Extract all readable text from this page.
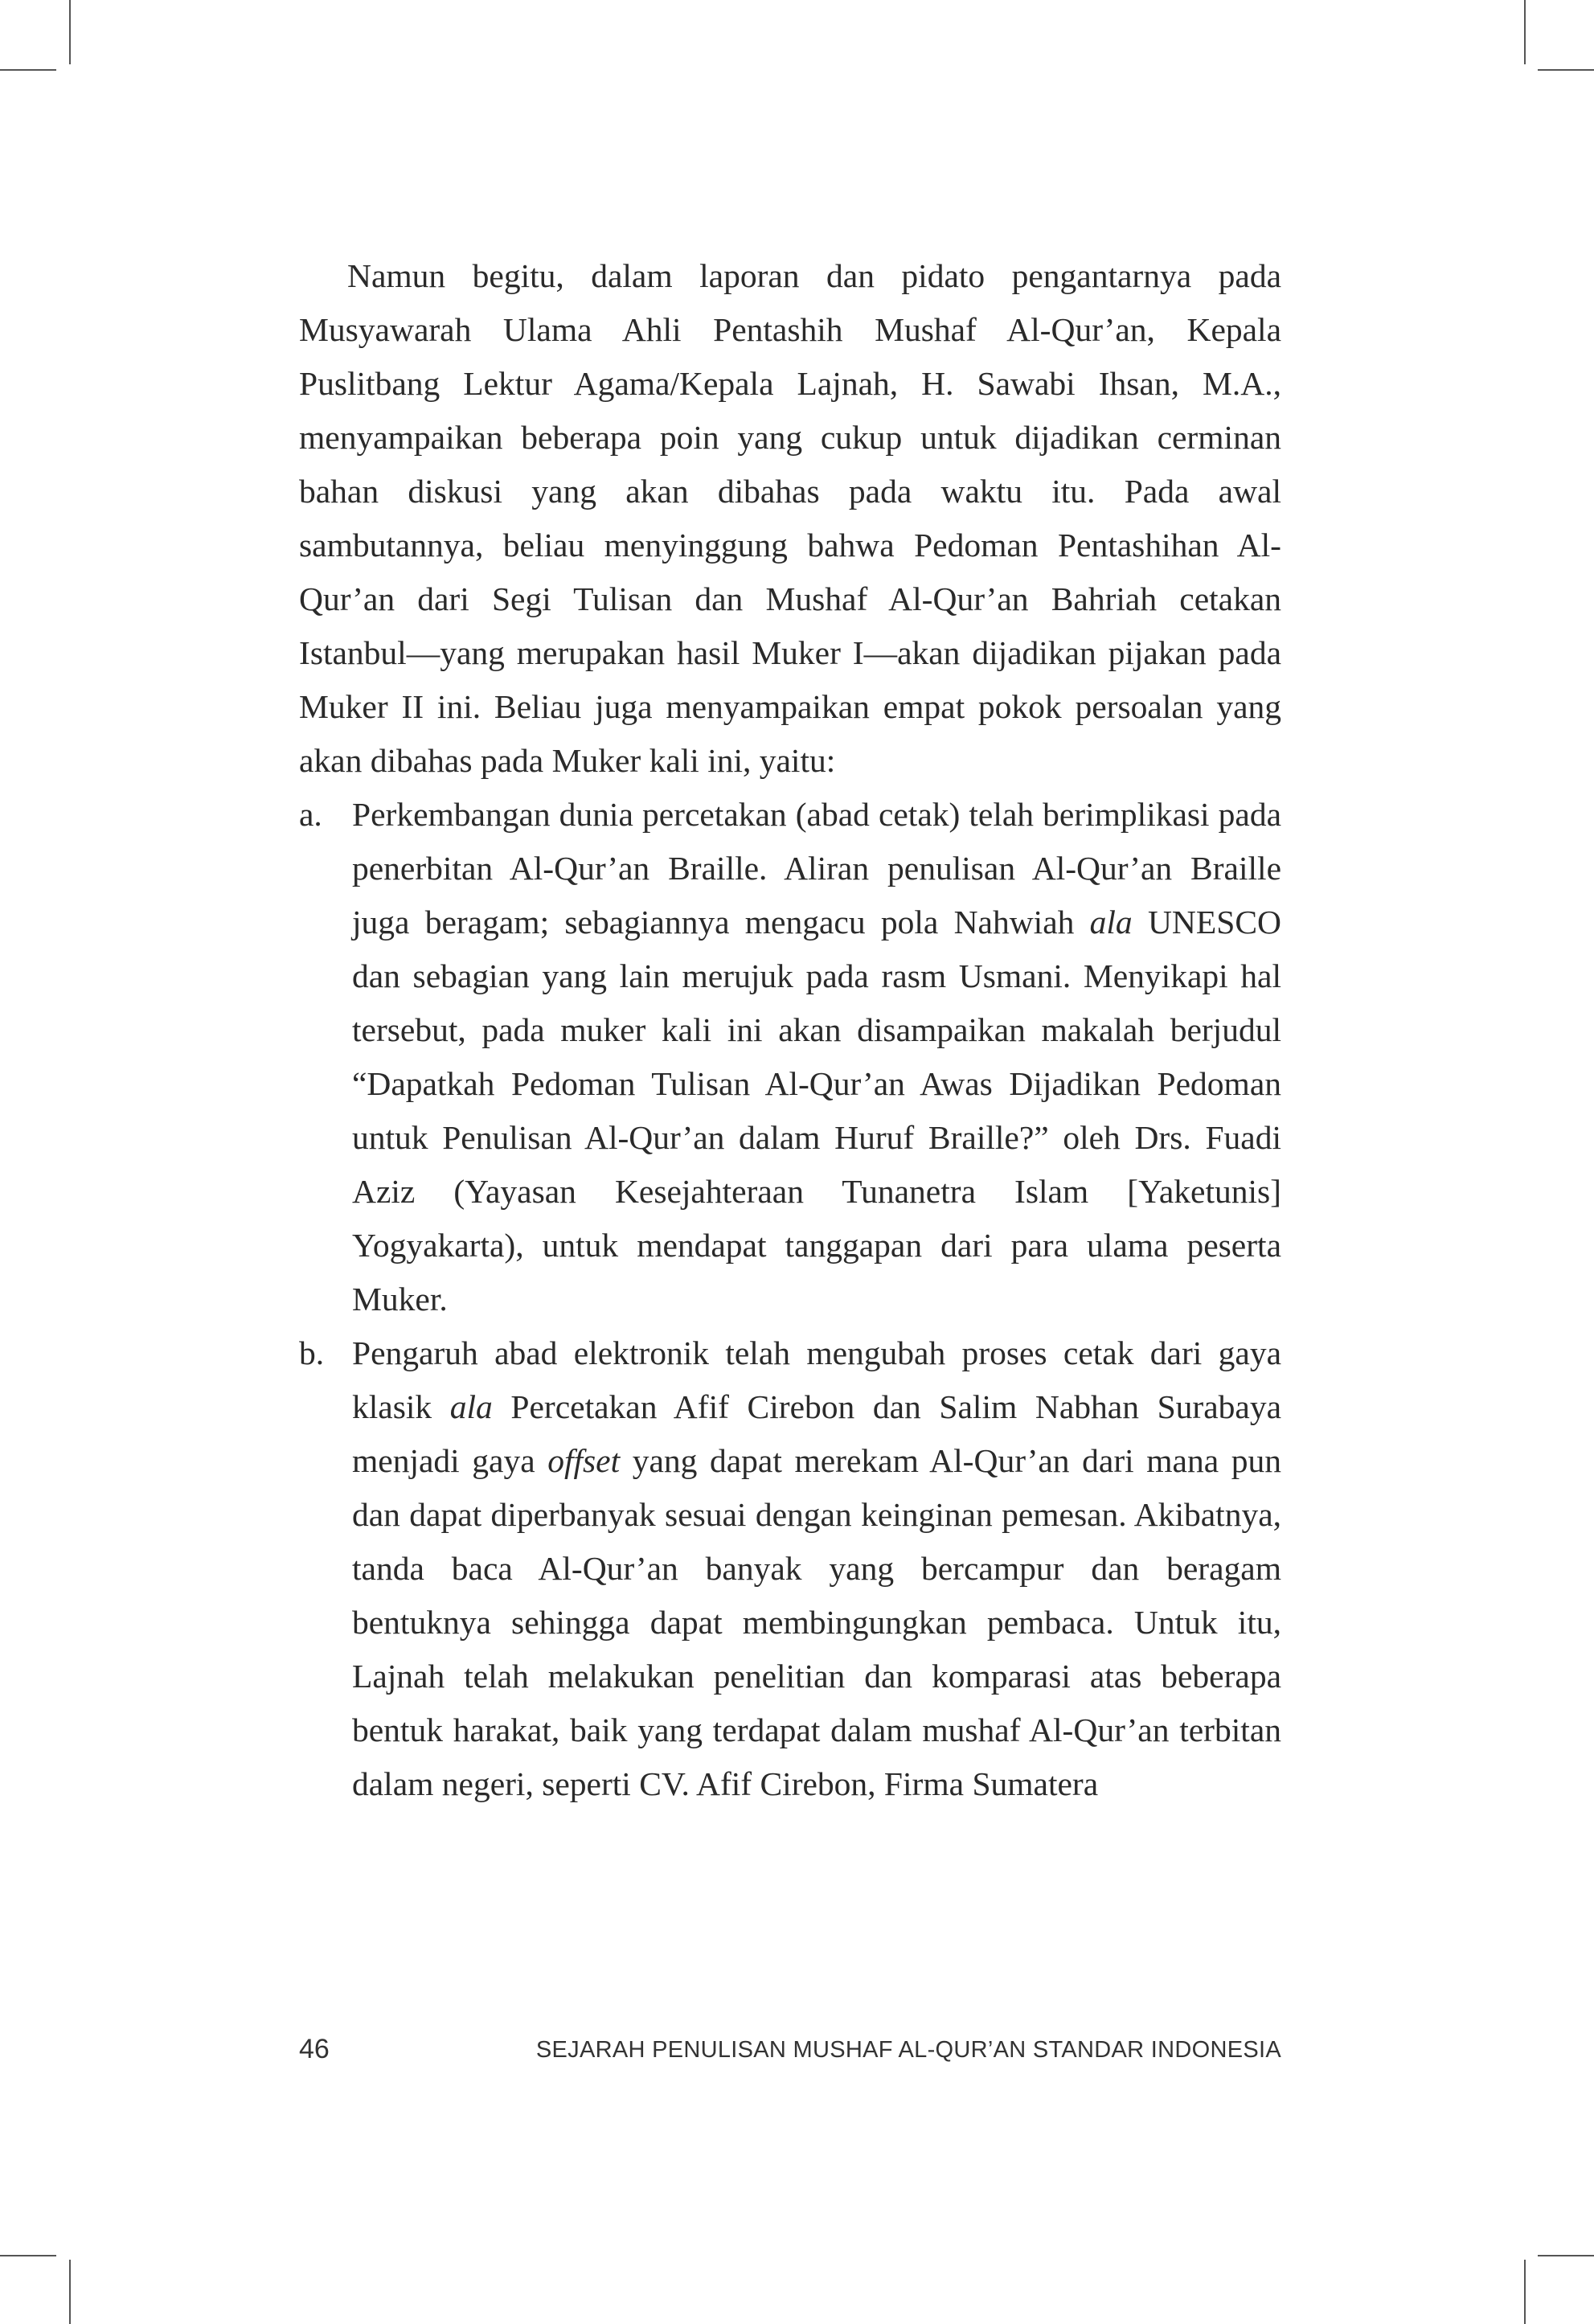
Namun begitu, dalam laporan dan pidato pengantarnya pada Musyawarah Ulama Ahli Pentashih Mushaf Al-Qur’an, Kepala Puslitbang Lektur Agama/Kepala Lajnah, H. Sawabi Ihsan, M.A., menyampaikan beberapa poin yang cukup untuk dijadikan cerminan bahan diskusi yang akan dibahas pada waktu itu. Pada awal sambutannya, beliau menyinggung bahwa Pedoman Pentashihan Al-Qur’an dari Segi Tulisan dan Mushaf Al-Qur’an Bahriah cetakan Istanbul—yang merupakan hasil Muker I—akan dijadikan pijakan pada Muker II ini. Beliau juga menyampaikan empat pokok persoalan yang akan dibahas pada Muker kali ini, yaitu:

a. Perkembangan dunia percetakan (abad cetak) telah berimplikasi pada penerbitan Al-Qur’an Braille. Aliran penulisan Al-Qur’an Braille juga beragam; sebagiannya mengacu pola Nahwiah ala UNESCO dan sebagian yang lain merujuk pada rasm Usmani. Menyikapi hal tersebut, pada muker kali ini akan disampaikan makalah berjudul “Dapatkah Pedoman Tulisan Al-Qur’an Awas Dijadikan Pedoman untuk Penulisan Al-Qur’an dalam Huruf Braille?” oleh Drs. Fuadi Aziz (Yayasan Kesejahteraan Tunanetra Islam [Yaketunis] Yogyakarta), untuk mendapat tanggapan dari para ulama peserta Muker.
b. Pengaruh abad elektronik telah mengubah proses cetak dari gaya klasik ala Percetakan Afif Cirebon dan Salim Nabhan Surabaya menjadi gaya offset yang dapat merekam Al-Qur’an dari mana pun dan dapat diperbanyak sesuai dengan keinginan pemesan. Akibatnya, tanda baca Al-Qur’an banyak yang bercampur dan beragam bentuknya sehingga dapat membingungkan pembaca. Untuk itu, Lajnah telah melakukan penelitian dan komparasi atas beberapa bentuk harakat, baik yang terdapat dalam mushaf Al-Qur’an terbitan dalam negeri, seperti CV. Afif Cirebon, Firma Sumatera
46	SEJARAH PENULISAN MUSHAF AL-QUR’AN STANDAR INDONESIA
